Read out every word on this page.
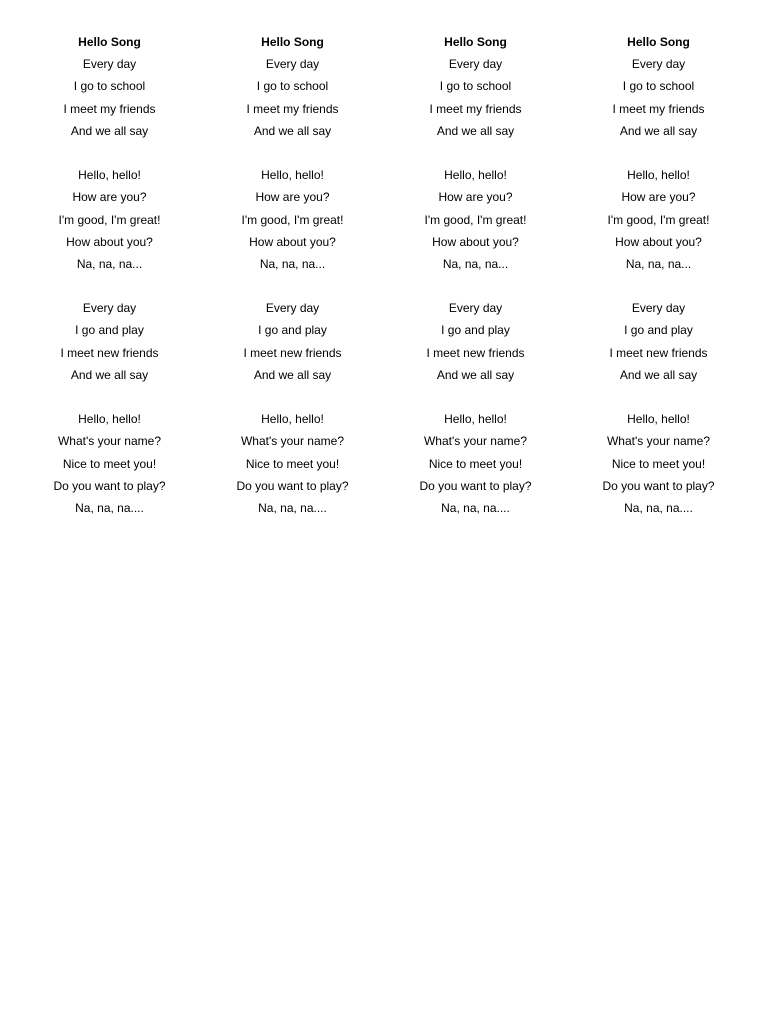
Hello Song
Every day
I go to school
I meet my friends
And we all say
Hello, hello!
How are you?
I'm good, I'm great!
How about you?
Na, na, na...
Every day
I go and play
I meet new friends
And we all say
Hello, hello!
What's your name?
Nice to meet you!
Do you want to play?
Na, na, na....
Hello Song
Every day
I go to school
I meet my friends
And we all say
Hello, hello!
How are you?
I'm good, I'm great!
How about you?
Na, na, na...
Every day
I go and play
I meet new friends
And we all say
Hello, hello!
What's your name?
Nice to meet you!
Do you want to play?
Na, na, na....
Hello Song
Every day
I go to school
I meet my friends
And we all say
Hello, hello!
How are you?
I'm good, I'm great!
How about you?
Na, na, na...
Every day
I go and play
I meet new friends
And we all say
Hello, hello!
What's your name?
Nice to meet you!
Do you want to play?
Na, na, na....
Hello Song
Every day
I go to school
I meet my friends
And we all say
Hello, hello!
How are you?
I'm good, I'm great!
How about you?
Na, na, na...
Every day
I go and play
I meet new friends
And we all say
Hello, hello!
What's your name?
Nice to meet you!
Do you want to play?
Na, na, na....
